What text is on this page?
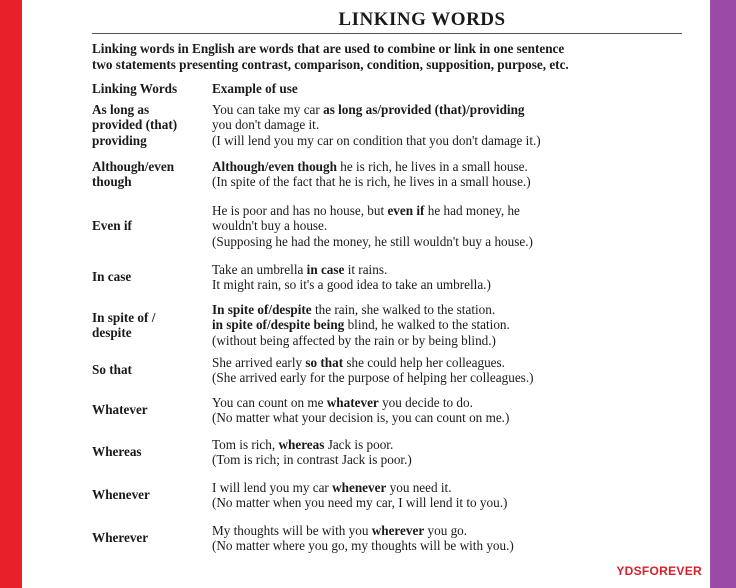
LINKING WORDS
Linking words in English are words that are used to combine or link in one sentence
two statements presenting contrast, comparison, condition, supposition, purpose, etc.
Linking Words	Example of use
As long as
provided (that)
providing
You can take my car as long as/provided (that)/providing
you don't damage it.
(I will lend you my car on condition that you don't damage it.)
Although/even
though
Although/even though he is rich, he lives in a small house.
(In spite of the fact that he is rich, he lives in a small house.)
Even if
He is poor and has no house, but even if he had money, he
wouldn't buy a house.
(Supposing he had the money, he still wouldn't buy a house.)
In case
Take an umbrella in case it rains.
It might rain, so it's a good idea to take an umbrella.)
In spite of /
despite
In spite of/despite the rain, she walked to the station.
in spite of/despite being blind, he walked to the station.
(without being affected by the rain or by being blind.)
So that
She arrived early so that she could help her colleagues.
(She arrived early for the purpose of helping her colleagues.)
Whatever
You can count on me whatever you decide to do.
(No matter what your decision is, you can count on me.)
Whereas
Tom is rich, whereas Jack is poor.
(Tom is rich; in contrast Jack is poor.)
Whenever
I will lend you my car whenever you need it.
(No matter when you need my car, I will lend it to you.)
Wherever
My thoughts will be with you wherever you go.
(No matter where you go, my thoughts will be with you.)
YDSFOREVER
